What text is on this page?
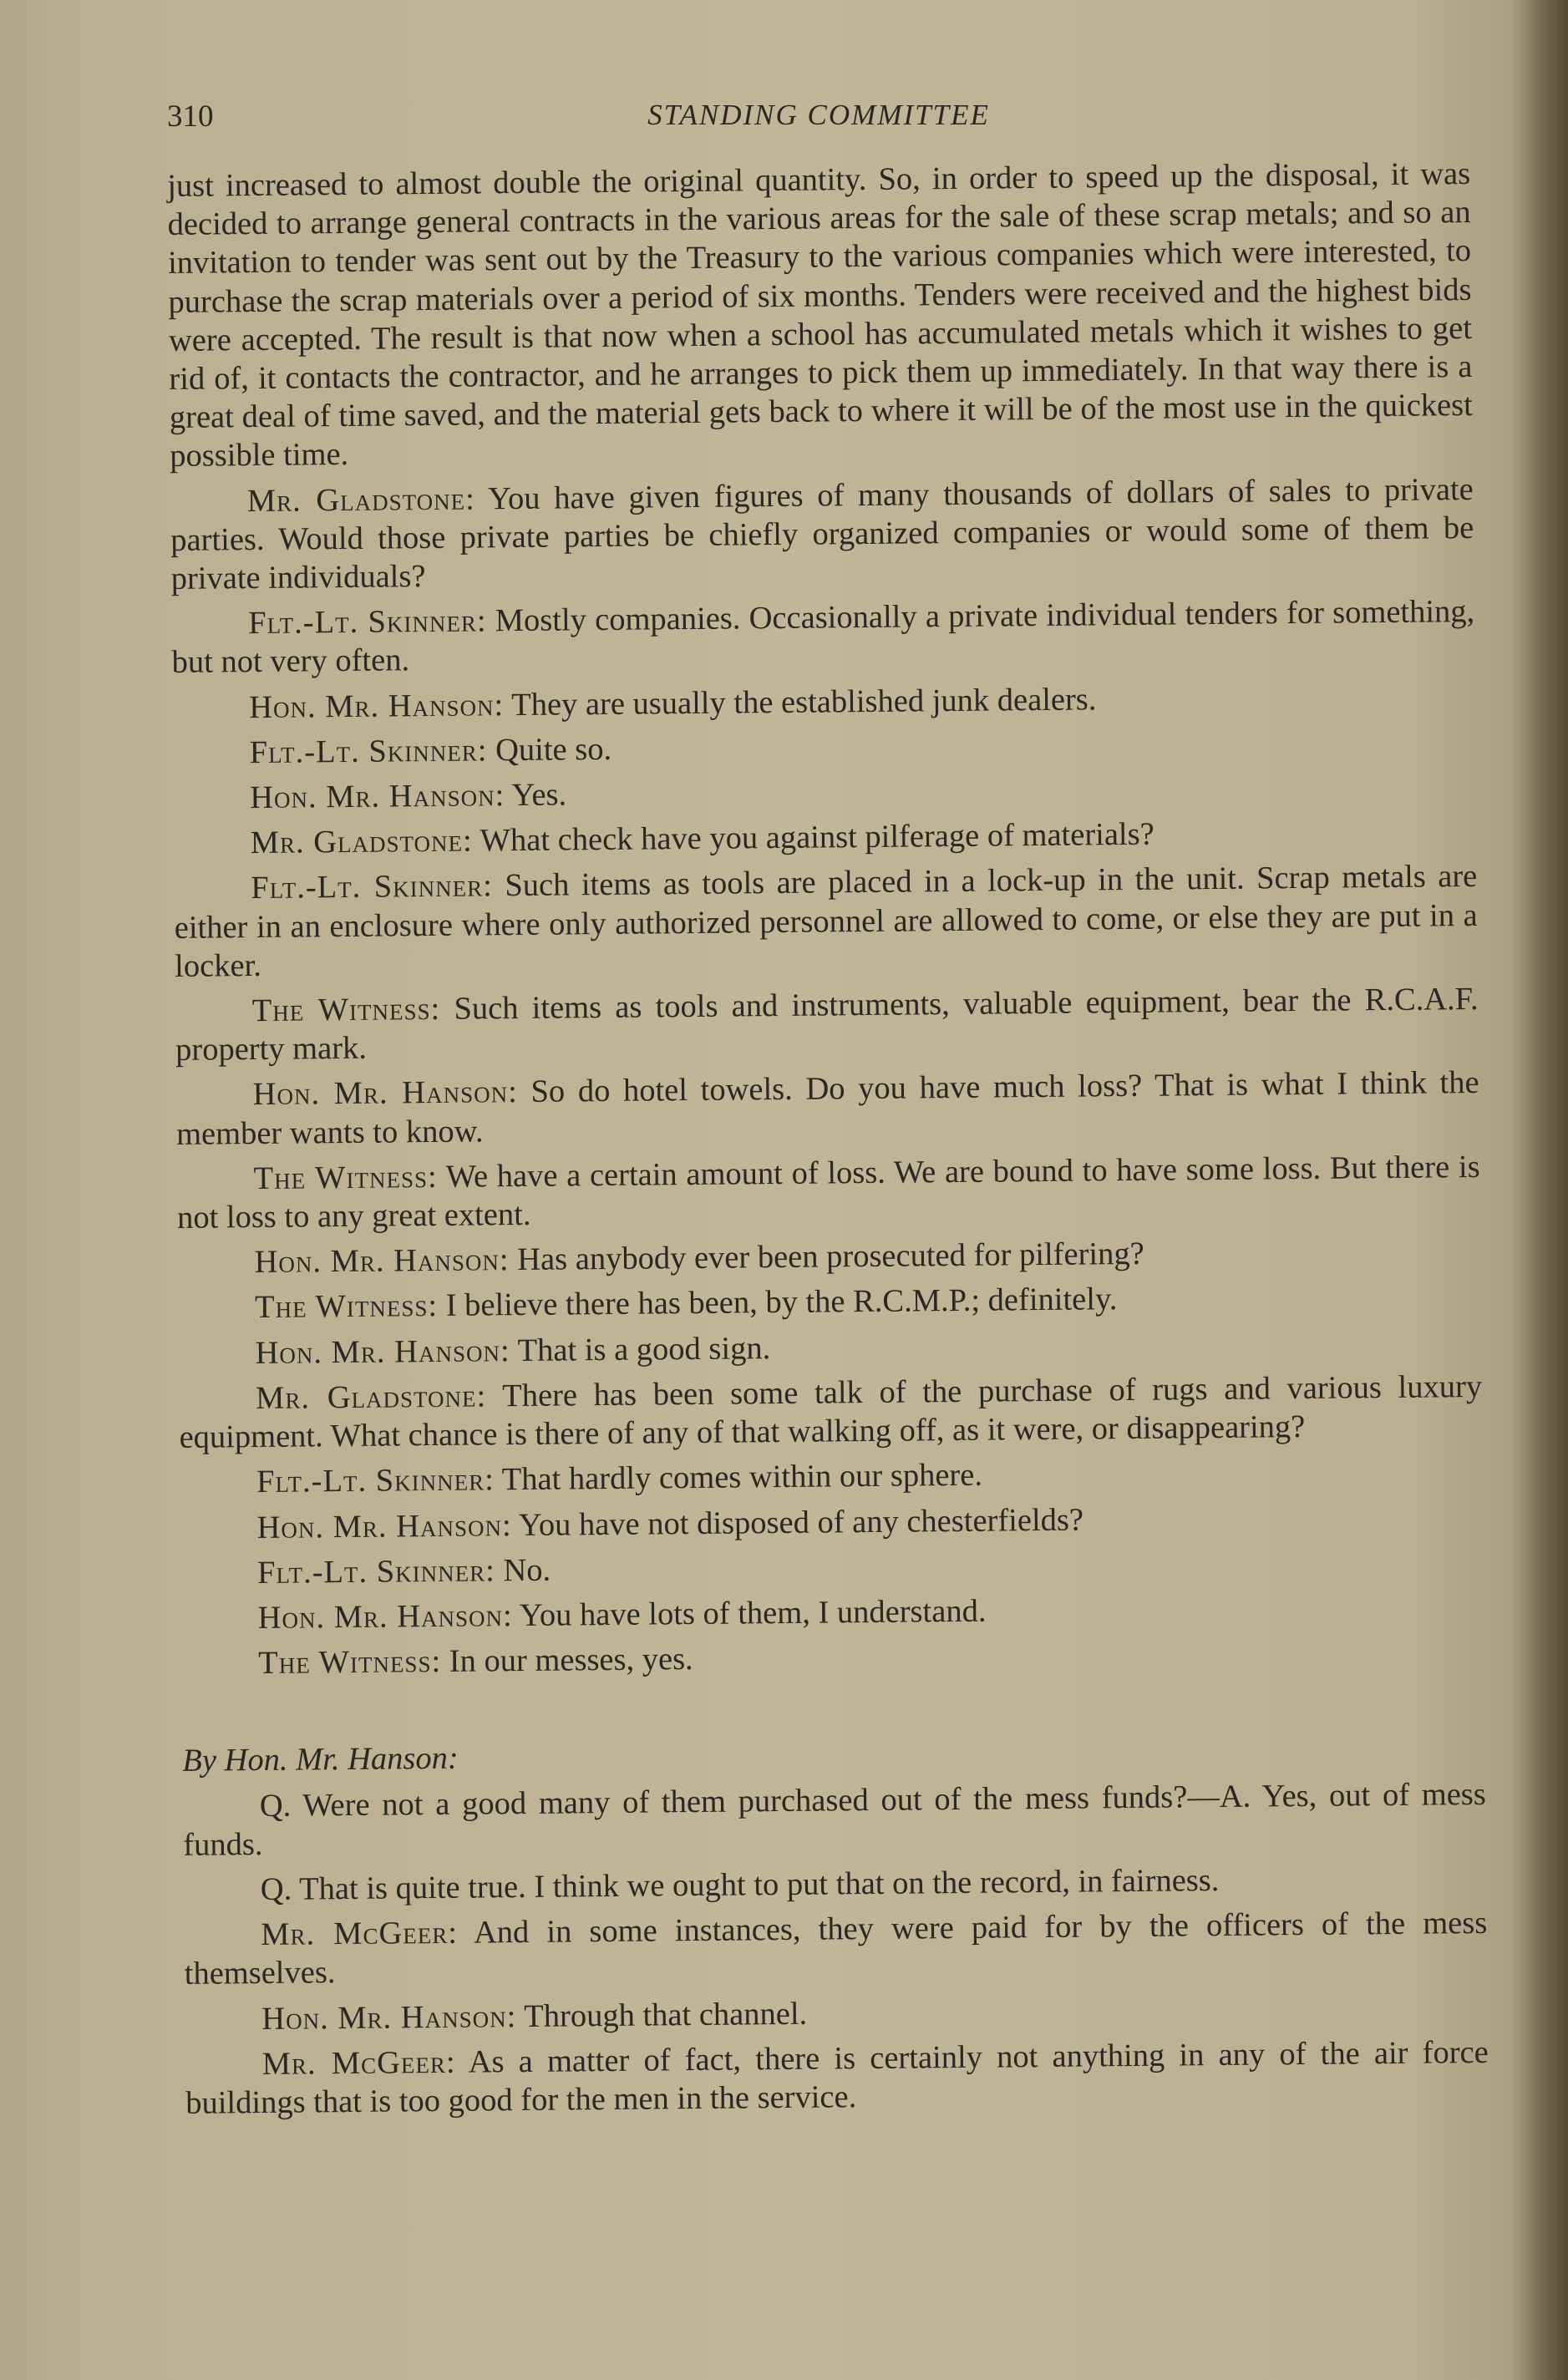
310	STANDING COMMITTEE

just increased to almost double the original quantity. So, in order to speed up the disposal, it was decided to arrange general contracts in the various areas for the sale of these scrap metals; and so an invitation to tender was sent out by the Treasury to the various companies which were interested, to purchase the scrap materials over a period of six months. Tenders were received and the highest bids were accepted. The result is that now when a school has accumulated metals which it wishes to get rid of, it contacts the contractor, and he arranges to pick them up immediately. In that way there is a great deal of time saved, and the material gets back to where it will be of the most use in the quickest possible time.

Mr. Gladstone: You have given figures of many thousands of dollars of sales to private parties. Would those private parties be chiefly organized companies or would some of them be private individuals?

Flt.-Lt. Skinner: Mostly companies. Occasionally a private individual tenders for something, but not very often.

Hon. Mr. Hanson: They are usually the established junk dealers.

Flt.-Lt. Skinner: Quite so.

Hon. Mr. Hanson: Yes.

Mr. Gladstone: What check have you against pilferage of materials?

Flt.-Lt. Skinner: Such items as tools are placed in a lock-up in the unit. Scrap metals are either in an enclosure where only authorized personnel are allowed to come, or else they are put in a locker.

The Witness: Such items as tools and instruments, valuable equipment, bear the R.C.A.F. property mark.

Hon. Mr. Hanson: So do hotel towels. Do you have much loss? That is what I think the member wants to know.

The Witness: We have a certain amount of loss. We are bound to have some loss. But there is not loss to any great extent.

Hon. Mr. Hanson: Has anybody ever been prosecuted for pilfering?

The Witness: I believe there has been, by the R.C.M.P.; definitely.

Hon. Mr. Hanson: That is a good sign.

Mr. Gladstone: There has been some talk of the purchase of rugs and various luxury equipment. What chance is there of any of that walking off, as it were, or disappearing?

Flt.-Lt. Skinner: That hardly comes within our sphere.

Hon. Mr. Hanson: You have not disposed of any chesterfields?

Flt.-Lt. Skinner: No.

Hon. Mr. Hanson: You have lots of them, I understand.

The Witness: In our messes, yes.

By Hon. Mr. Hanson:

Q. Were not a good many of them purchased out of the mess funds?—A. Yes, out of mess funds.

Q. That is quite true. I think we ought to put that on the record, in fairness.

Mr. McGeer: And in some instances, they were paid for by the officers of the mess themselves.

Hon. Mr. Hanson: Through that channel.

Mr. McGeer: As a matter of fact, there is certainly not anything in any of the air force buildings that is too good for the men in the service.
